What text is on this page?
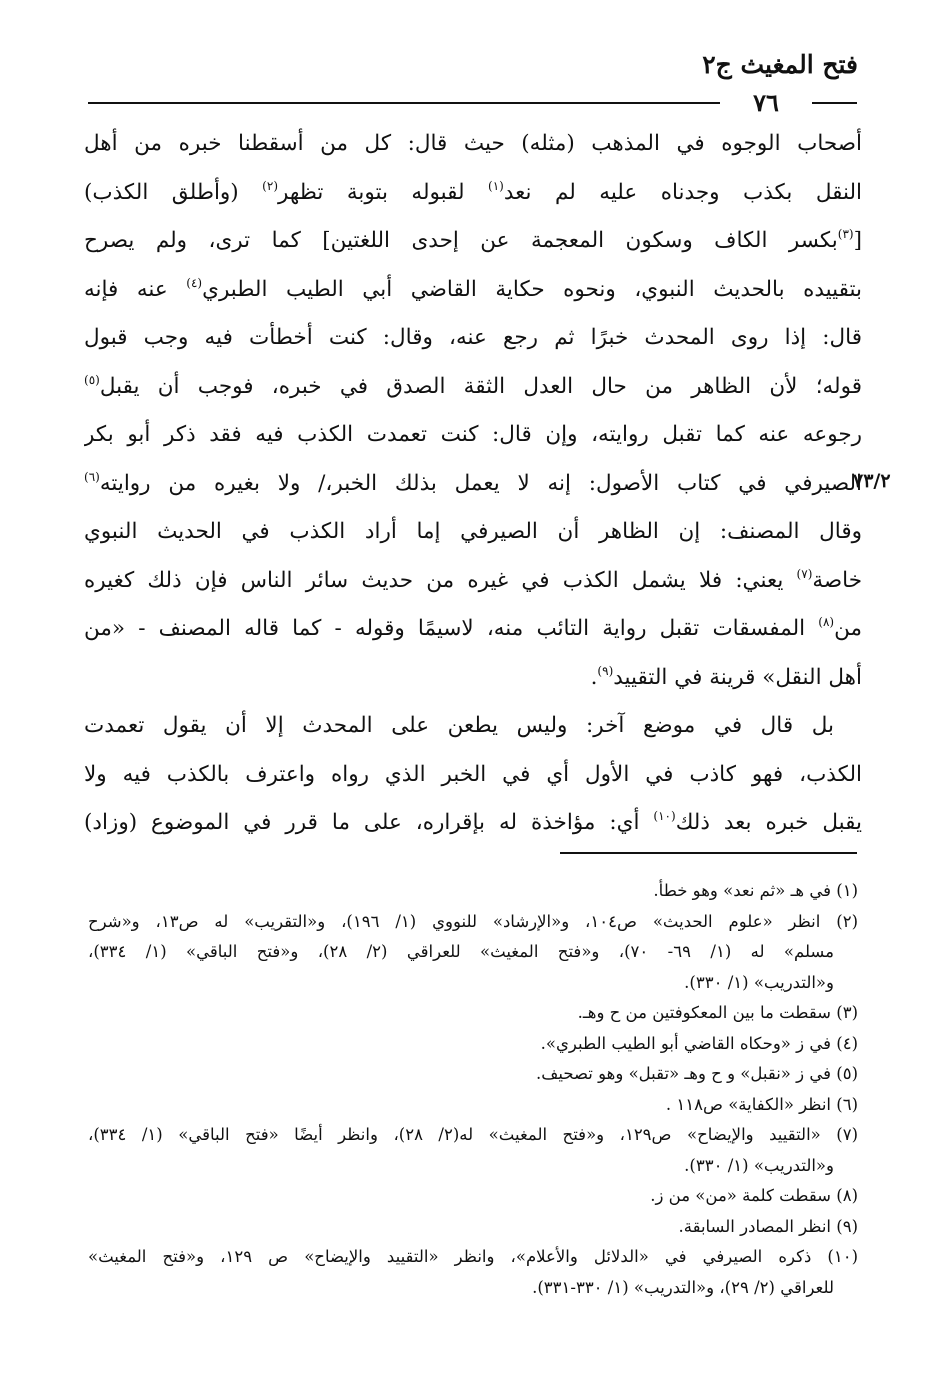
فتح المغيث ج٢
٧٦
٧٣/٢
أصحاب الوجوه في المذهب (مثله) حيث قال: كل من أسقطنا خبره من أهل
النقل بكذب وجدناه عليه لم نعد$^{(١)}$ لقبوله بتوبة تظهر$^{(٢)}$ (وأطلق الكذب)
[$^{(٣)}$بكسر الكاف وسكون المعجمة عن إحدى اللغتين] كما ترى، ولم يصرح
بتقييده بالحديث النبوي، ونحوه حكاية القاضي أبي الطيب الطبري$^{(٤)}$ عنه فإنه
قال: إذا روى المحدث خبرًا ثم رجع عنه، وقال: كنت أخطأت فيه وجب قبول
قوله؛ لأن الظاهر من حال العدل الثقة الصدق في خبره، فوجب أن يقبل$^{(٥)}$
رجوعه عنه كما تقبل روايته، وإن قال: كنت تعمدت الكذب فيه فقد ذكر أبو بكر
الصيرفي في كتاب الأصول: إنه لا يعمل بذلك الخبر،/ ولا بغيره من روايته$^{(٦)}$
وقال المصنف: إن الظاهر أن الصيرفي إما أراد الكذب في الحديث النبوي
خاصة$^{(٧)}$ يعني: فلا يشمل الكذب في غيره من حديث سائر الناس فإن ذلك كغيره
من$^{(٨)}$ المفسقات تقبل رواية التائب منه، لاسيمًا وقوله - كما قاله المصنف - «من
أهل النقل» قرينة في التقييد$^{(٩)}$.
بل قال في موضع آخر: وليس يطعن على المحدث إلا أن يقول تعمدت
الكذب، فهو كاذب في الأول أي في الخبر الذي رواه واعترف بالكذب فيه ولا
يقبل خبره بعد ذلك$^{(١٠)}$ أي: مؤاخذة له بإقراره، على ما قرر في الموضوع (وزاد)
(١) في هـ «ثم نعد» وهو خطأ.
(٢) انظر «علوم الحديث» ص١٠٤، و«الإرشاد» للنووي (١/ ١٩٦)، و«التقريب» له ص١٣، و«شرح
مسلم» له (١/ ٦٩- ٧٠)، و«فتح المغيث» للعراقي (٢/ ٢٨)، و«فتح الباقي» (١/ ٣٣٤)،
و«التدريب» (١/ ٣٣٠).
(٣) سقطت ما بين المعكوفتين من ح وهـ.
(٤) في ز «وحكاه القاضي أبو الطيب الطبري».
(٥) في ز «نقبل» و ح وهـ «تقبل» وهو تصحيف.
(٦) انظر «الكفاية» ص١١٨ .
(٧) «التقييد والإيضاح» ص١٢٩، و«فتح المغيث» له(٢/ ٢٨)، وانظر أيضًا «فتح الباقي» (١/ ٣٣٤)،
و«التدريب» (١/ ٣٣٠).
(٨) سقطت كلمة «من» من ز.
(٩) انظر المصادر السابقة.
(١٠) ذكره الصيرفي في «الدلائل والأعلام»، وانظر «التقييد والإيضاح» ص ١٢٩، و«فتح المغيث»
للعراقي (٢/ ٢٩)، و«التدريب» (١/ ٣٣٠-٣٣١).
